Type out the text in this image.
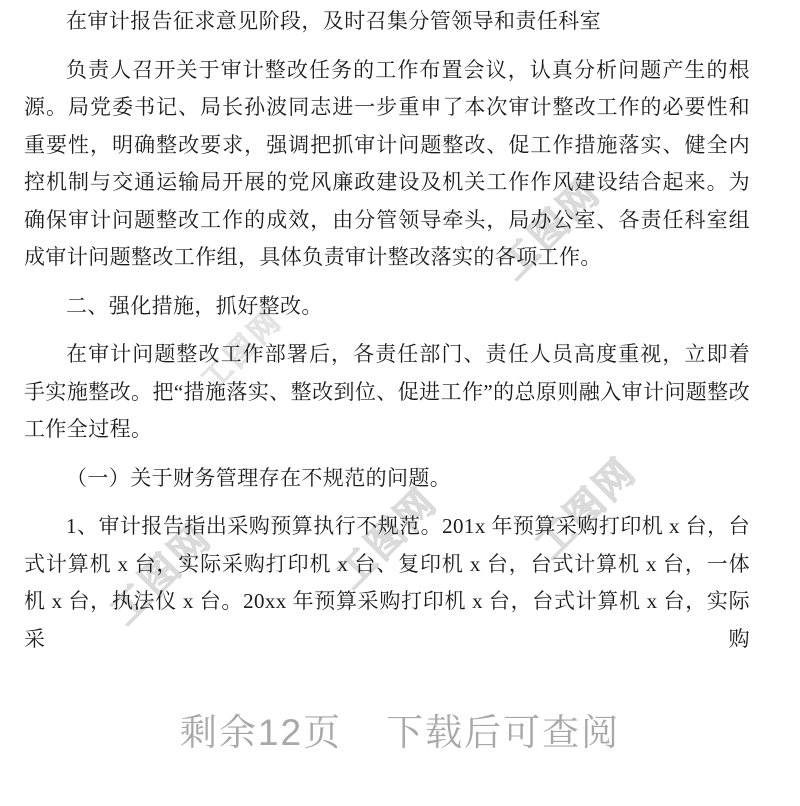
工图网
工图网
工图网
工图网
工图网

在审计报告征求意见阶段，及时召集分管领导和责任科室

负责人召开关于审计整改任务的工作布置会议，认真分析问题产生的根源。局党委书记、局长孙波同志进一步重申了本次审计整改工作的必要性和重要性，明确整改要求，强调把抓审计问题整改、促工作措施落实、健全内控机制与交通运输局开展的党风廉政建设及机关工作作风建设结合起来。为确保审计问题整改工作的成效，由分管领导牵头，局办公室、各责任科室组成审计问题整改工作组，具体负责审计整改落实的各项工作。

二、强化措施，抓好整改。

在审计问题整改工作部署后，各责任部门、责任人员高度重视，立即着手实施整改。把“措施落实、整改到位、促进工作”的总原则融入审计问题整改工作全过程。

（一）关于财务管理存在不规范的问题。

1、审计报告指出采购预算执行不规范。201x 年预算采购打印机 x 台，台式计算机 x 台，实际采购打印机 x 台、复印机 x 台，台式计算机 x 台，一体机 x 台，执法仪 x 台。20xx 年预算采购打印机 x 台，台式计算机 x 台，实际采购

剩余12页 下载后可查阅
